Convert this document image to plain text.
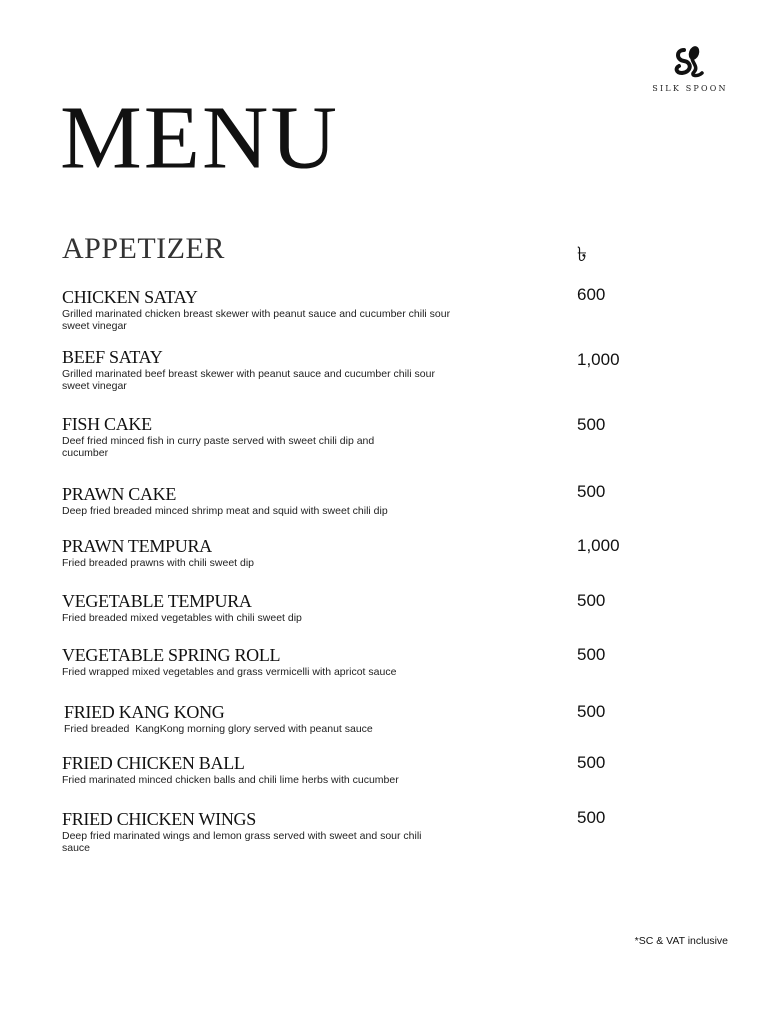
SILK SPOON
MENU
APPETIZER	৳
CHICKEN SATAY
Grilled marinated chicken breast skewer with peanut sauce and cucumber chili sour sweet vinegar
600
BEEF SATAY
Grilled marinated beef breast skewer with peanut sauce and cucumber chili sour sweet vinegar
1,000
FISH CAKE
Deef fried minced fish in curry paste served with sweet chili dip and cucumber
500
PRAWN CAKE
Deep fried breaded minced shrimp meat and squid with sweet chili dip
500
PRAWN TEMPURA
Fried breaded prawns with chili sweet dip
1,000
VEGETABLE TEMPURA
Fried breaded mixed vegetables with chili sweet dip
500
VEGETABLE SPRING ROLL
Fried wrapped mixed vegetables and grass vermicelli with apricot sauce
500
FRIED KANG KONG
Fried breaded  KangKong morning glory served with peanut sauce
500
FRIED CHICKEN BALL
Fried marinated minced chicken balls and chili lime herbs with cucumber
500
FRIED CHICKEN WINGS
Deep fried marinated wings and lemon grass served with sweet and sour chili sauce
500
*SC & VAT inclusive
